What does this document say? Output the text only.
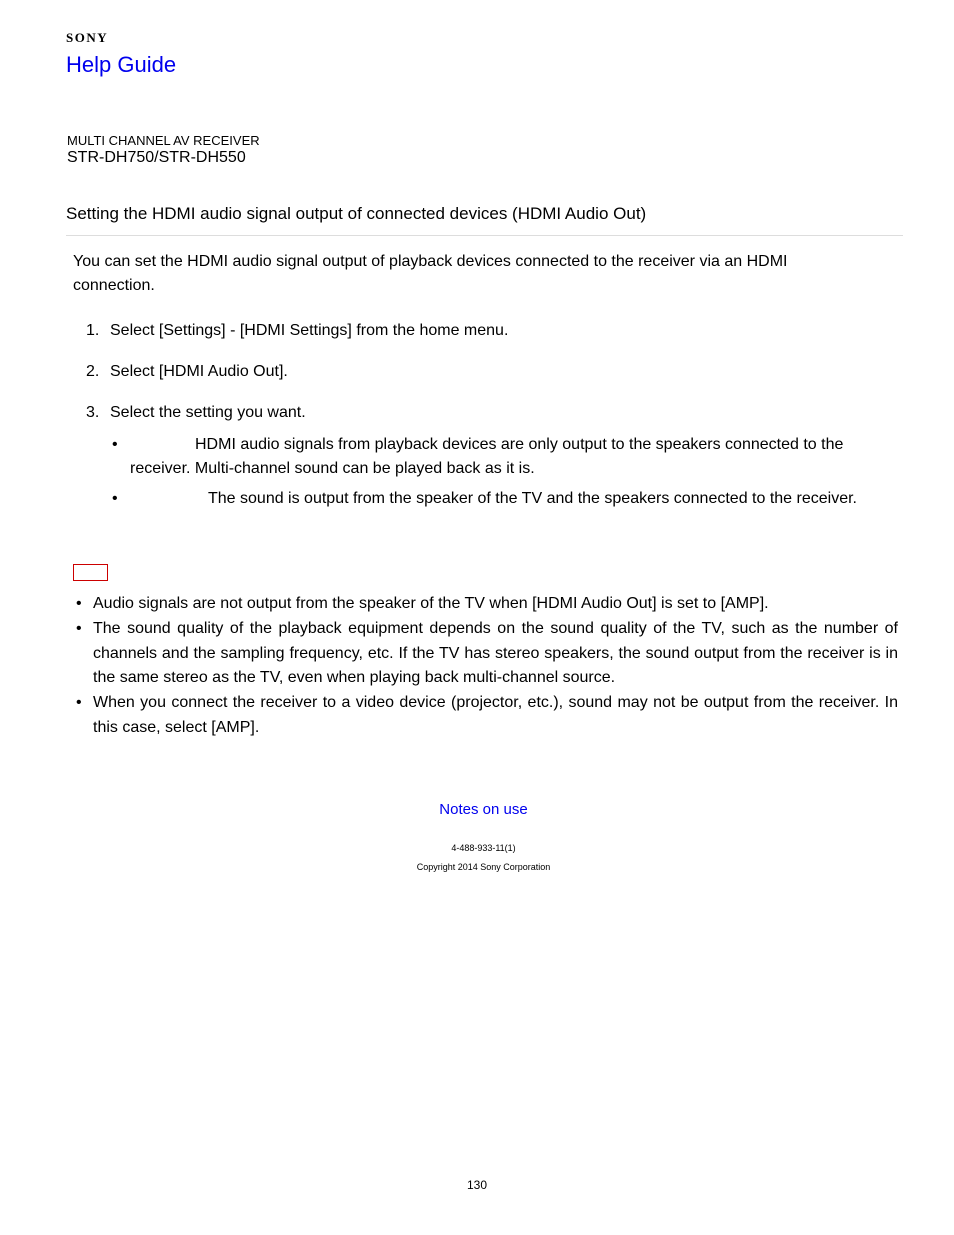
SONY
Help Guide
MULTI CHANNEL AV RECEIVER
STR-DH750/STR-DH550
Setting the HDMI audio signal output of connected devices (HDMI Audio Out)
You can set the HDMI audio signal output of playback devices connected to the receiver via an HDMI connection.
1. Select [Settings] - [HDMI Settings] from the home menu.
2. Select [HDMI Audio Out].
3. Select the setting you want.
•	HDMI audio signals from playback devices are only output to the speakers connected to the receiver. Multi-channel sound can be played back as it is.
•	The sound is output from the speaker of the TV and the speakers connected to the receiver.
• Audio signals are not output from the speaker of the TV when [HDMI Audio Out] is set to [AMP].
• The sound quality of the playback equipment depends on the sound quality of the TV, such as the number of channels and the sampling frequency, etc. If the TV has stereo speakers, the sound output from the receiver is in the same stereo as the TV, even when playing back multi-channel source.
• When you connect the receiver to a video device (projector, etc.), sound may not be output from the receiver. In this case, select [AMP].
Notes on use
4-488-933-11(1)
Copyright 2014 Sony Corporation
130
